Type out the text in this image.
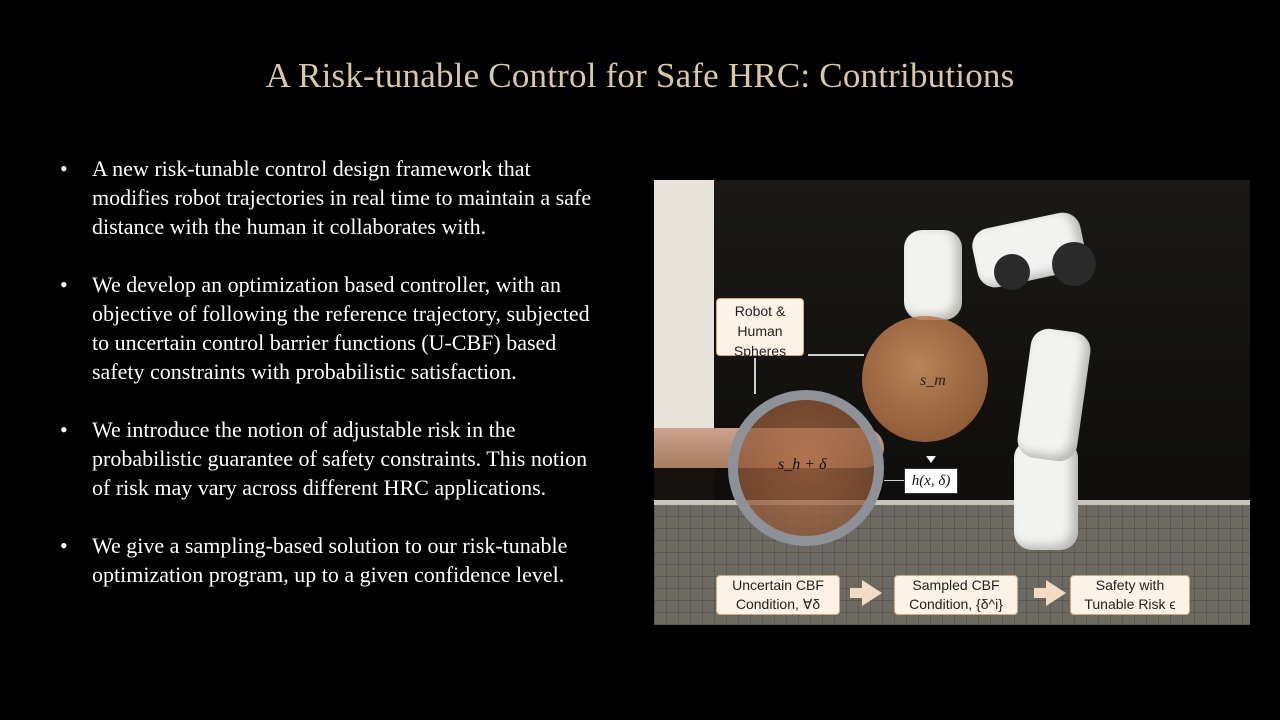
A Risk-tunable Control for Safe HRC: Contributions
• A new risk-tunable control design framework that modifies robot trajectories in real time to maintain a safe distance with the human it collaborates with.
• We develop an optimization based controller, with an objective of following the reference trajectory, subjected to uncertain control barrier functions (U-CBF) based safety constraints with probabilistic satisfaction.
• We introduce the notion of adjustable risk in the probabilistic guarantee of safety constraints. This notion of risk may vary across different HRC applications.
• We give a sampling-based solution to our risk-tunable optimization program, up to a given confidence level.
s_m
s_h + δ
Robot & Human Spheres
h(x, δ)
Uncertain CBF Condition, ∀δ
Sampled CBF Condition, {δ^i}
Safety with Tunable Risk ϵ
